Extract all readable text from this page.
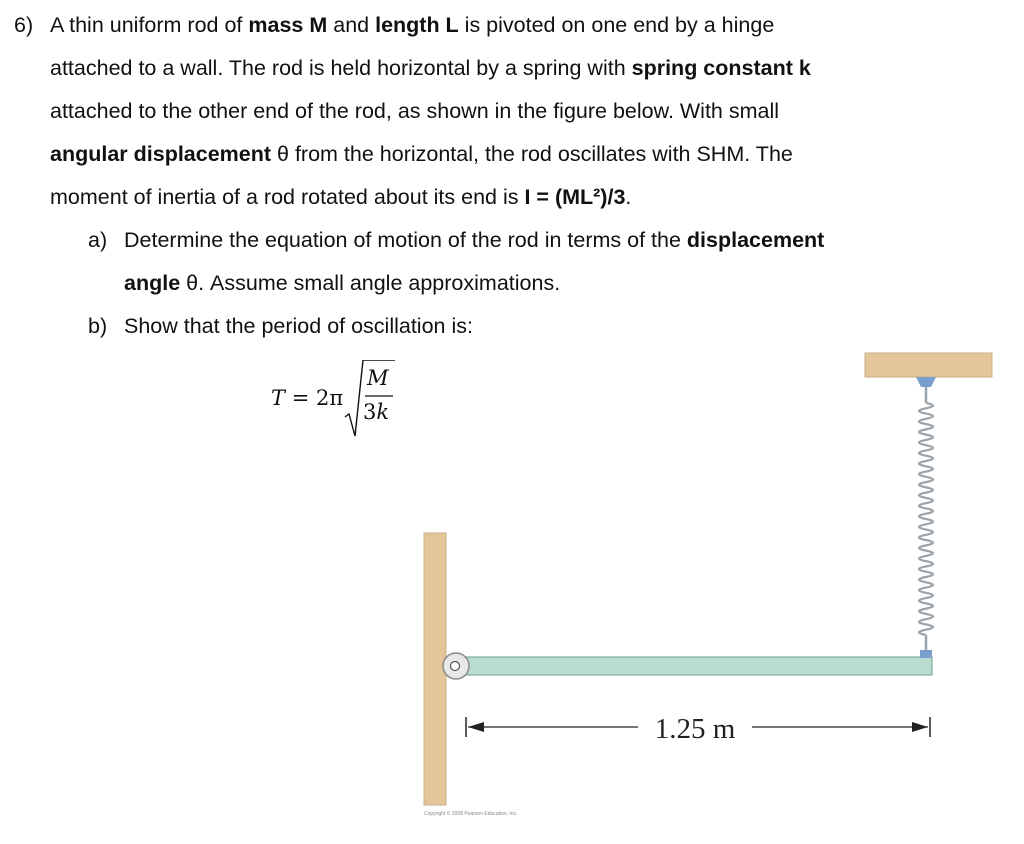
6) A thin uniform rod of mass M and length L is pivoted on one end by a hinge
attached to a wall. The rod is held horizontal by a spring with spring constant k
attached to the other end of the rod, as shown in the figure below. With small
angular displacement θ from the horizontal, the rod oscillates with SHM. The
moment of inertia of a rod rotated about its end is I = (ML²)/3.
a) Determine the equation of motion of the rod in terms of the displacement
angle θ. Assume small angle approximations.
b) Show that the period of oscillation is:
T = 2π
M
3k
1.25 m
Copyright © 2008 Pearson Education, Inc.
